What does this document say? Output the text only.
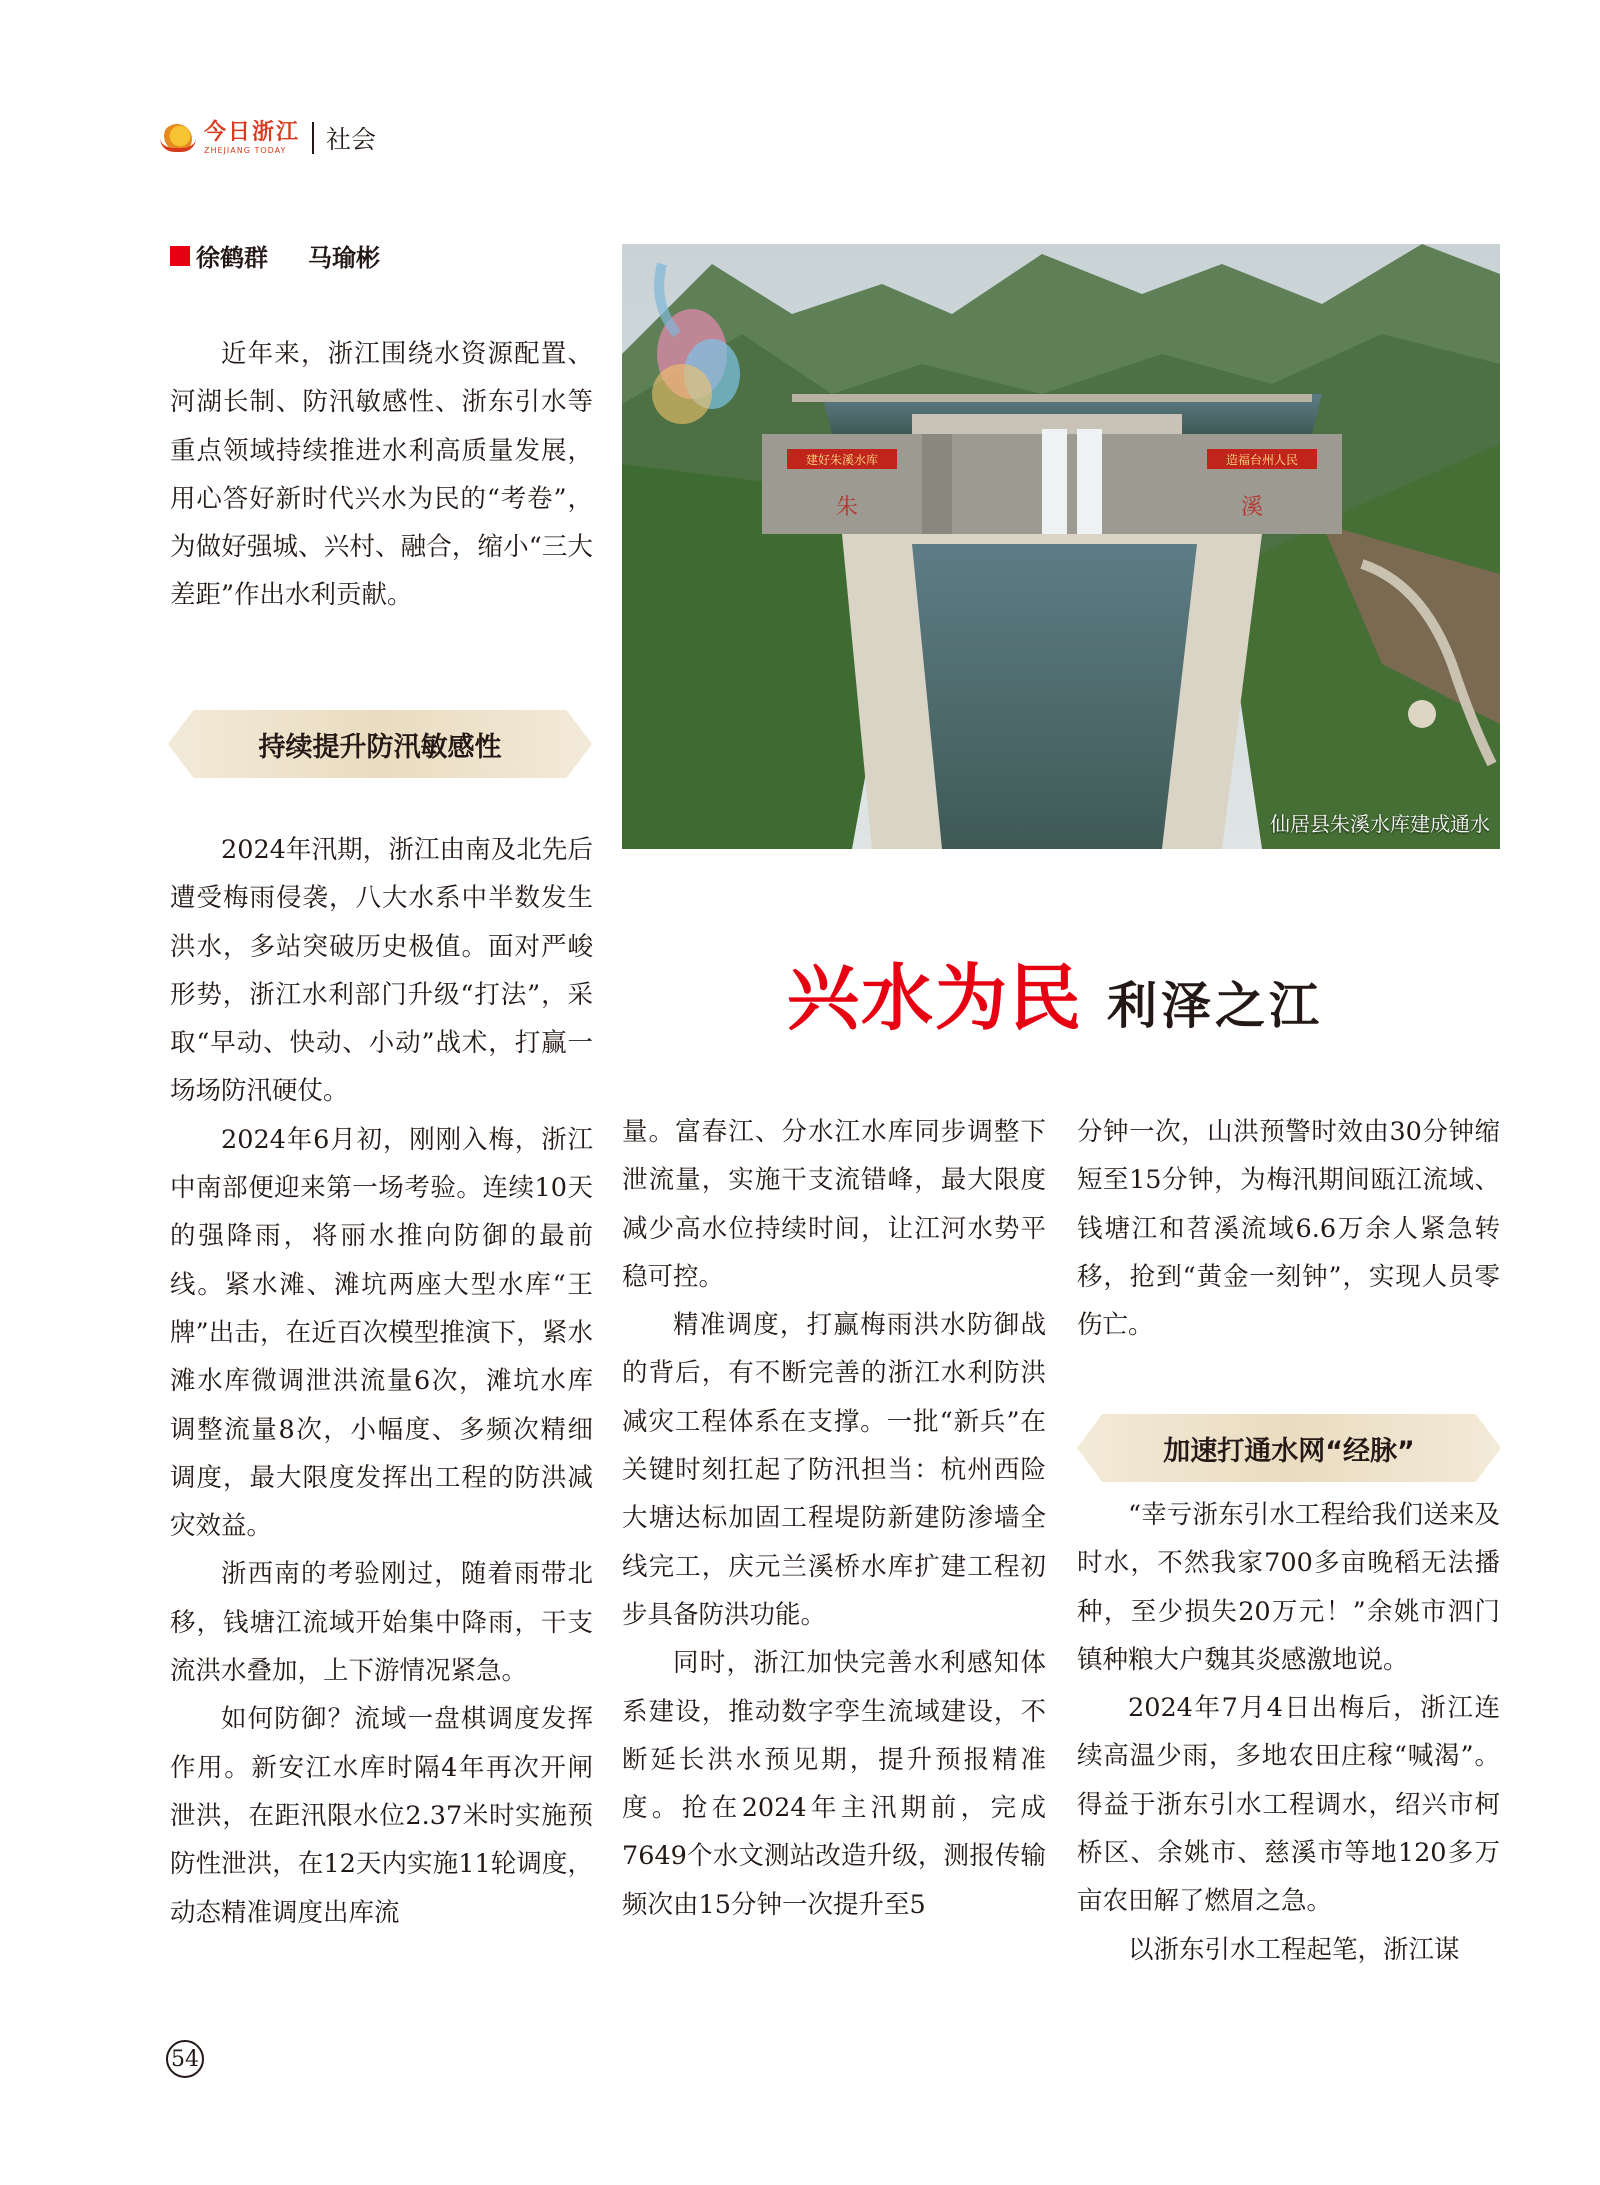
今日浙江
ZHEJIANG TODAY	社会
徐鹤群 马瑜彬

近年来，浙江围绕水资源配置、河湖长制、防汛敏感性、浙东引水等重点领域持续推进水利高质量发展，用心答好新时代兴水为民的“考卷”，为做好强城、兴村、融合，缩小“三大差距”作出水利贡献。

持续提升防汛敏感性

2024年汛期，浙江由南及北先后遭受梅雨侵袭，八大水系中半数发生洪水，多站突破历史极值。面对严峻形势，浙江水利部门升级“打法”，采取“早动、快动、小动”战术，打赢一场场防汛硬仗。

2024年6月初，刚刚入梅，浙江中南部便迎来第一场考验。连续10天的强降雨，将丽水推向防御的最前线。紧水滩、滩坑两座大型水库“王牌”出击，在近百次模型推演下，紧水滩水库微调泄洪流量6次，滩坑水库调整流量8次，小幅度、多频次精细调度，最大限度发挥出工程的防洪减灾效益。

浙西南的考验刚过，随着雨带北移，钱塘江流域开始集中降雨，干支流洪水叠加，上下游情况紧急。

如何防御？流域一盘棋调度发挥作用。新安江水库时隔4年再次开闸泄洪，在距汛限水位2.37米时实施预防性泄洪，在12天内实施11轮调度，动态精准调度出库流

建好朱溪水库	造福台州人民
朱	溪
仙居县朱溪水库建成通水
兴水为民 利泽之江

量。富春江、分水江水库同步调整下泄流量，实施干支流错峰，最大限度减少高水位持续时间，让江河水势平稳可控。

精准调度，打赢梅雨洪水防御战的背后，有不断完善的浙江水利防洪减灾工程体系在支撑。一批“新兵”在关键时刻扛起了防汛担当：杭州西险大塘达标加固工程堤防新建防渗墙全线完工，庆元兰溪桥水库扩建工程初步具备防洪功能。

同时，浙江加快完善水利感知体系建设，推动数字孪生流域建设，不断延长洪水预见期，提升预报精准度。抢在2024年主汛期前，完成7649个水文测站改造升级，测报传输频次由15分钟一次提升至5

分钟一次，山洪预警时效由30分钟缩短至15分钟，为梅汛期间瓯江流域、钱塘江和苕溪流域6.6万余人紧急转移，抢到“黄金一刻钟”，实现人员零伤亡。

加速打通水网“经脉”

“幸亏浙东引水工程给我们送来及时水，不然我家700多亩晚稻无法播种，至少损失20万元！”余姚市泗门镇种粮大户魏其炎感激地说。

2024年7月4日出梅后，浙江连续高温少雨，多地农田庄稼“喊渴”。得益于浙东引水工程调水，绍兴市柯桥区、余姚市、慈溪市等地120多万亩农田解了燃眉之急。

以浙东引水工程起笔，浙江谋

54
